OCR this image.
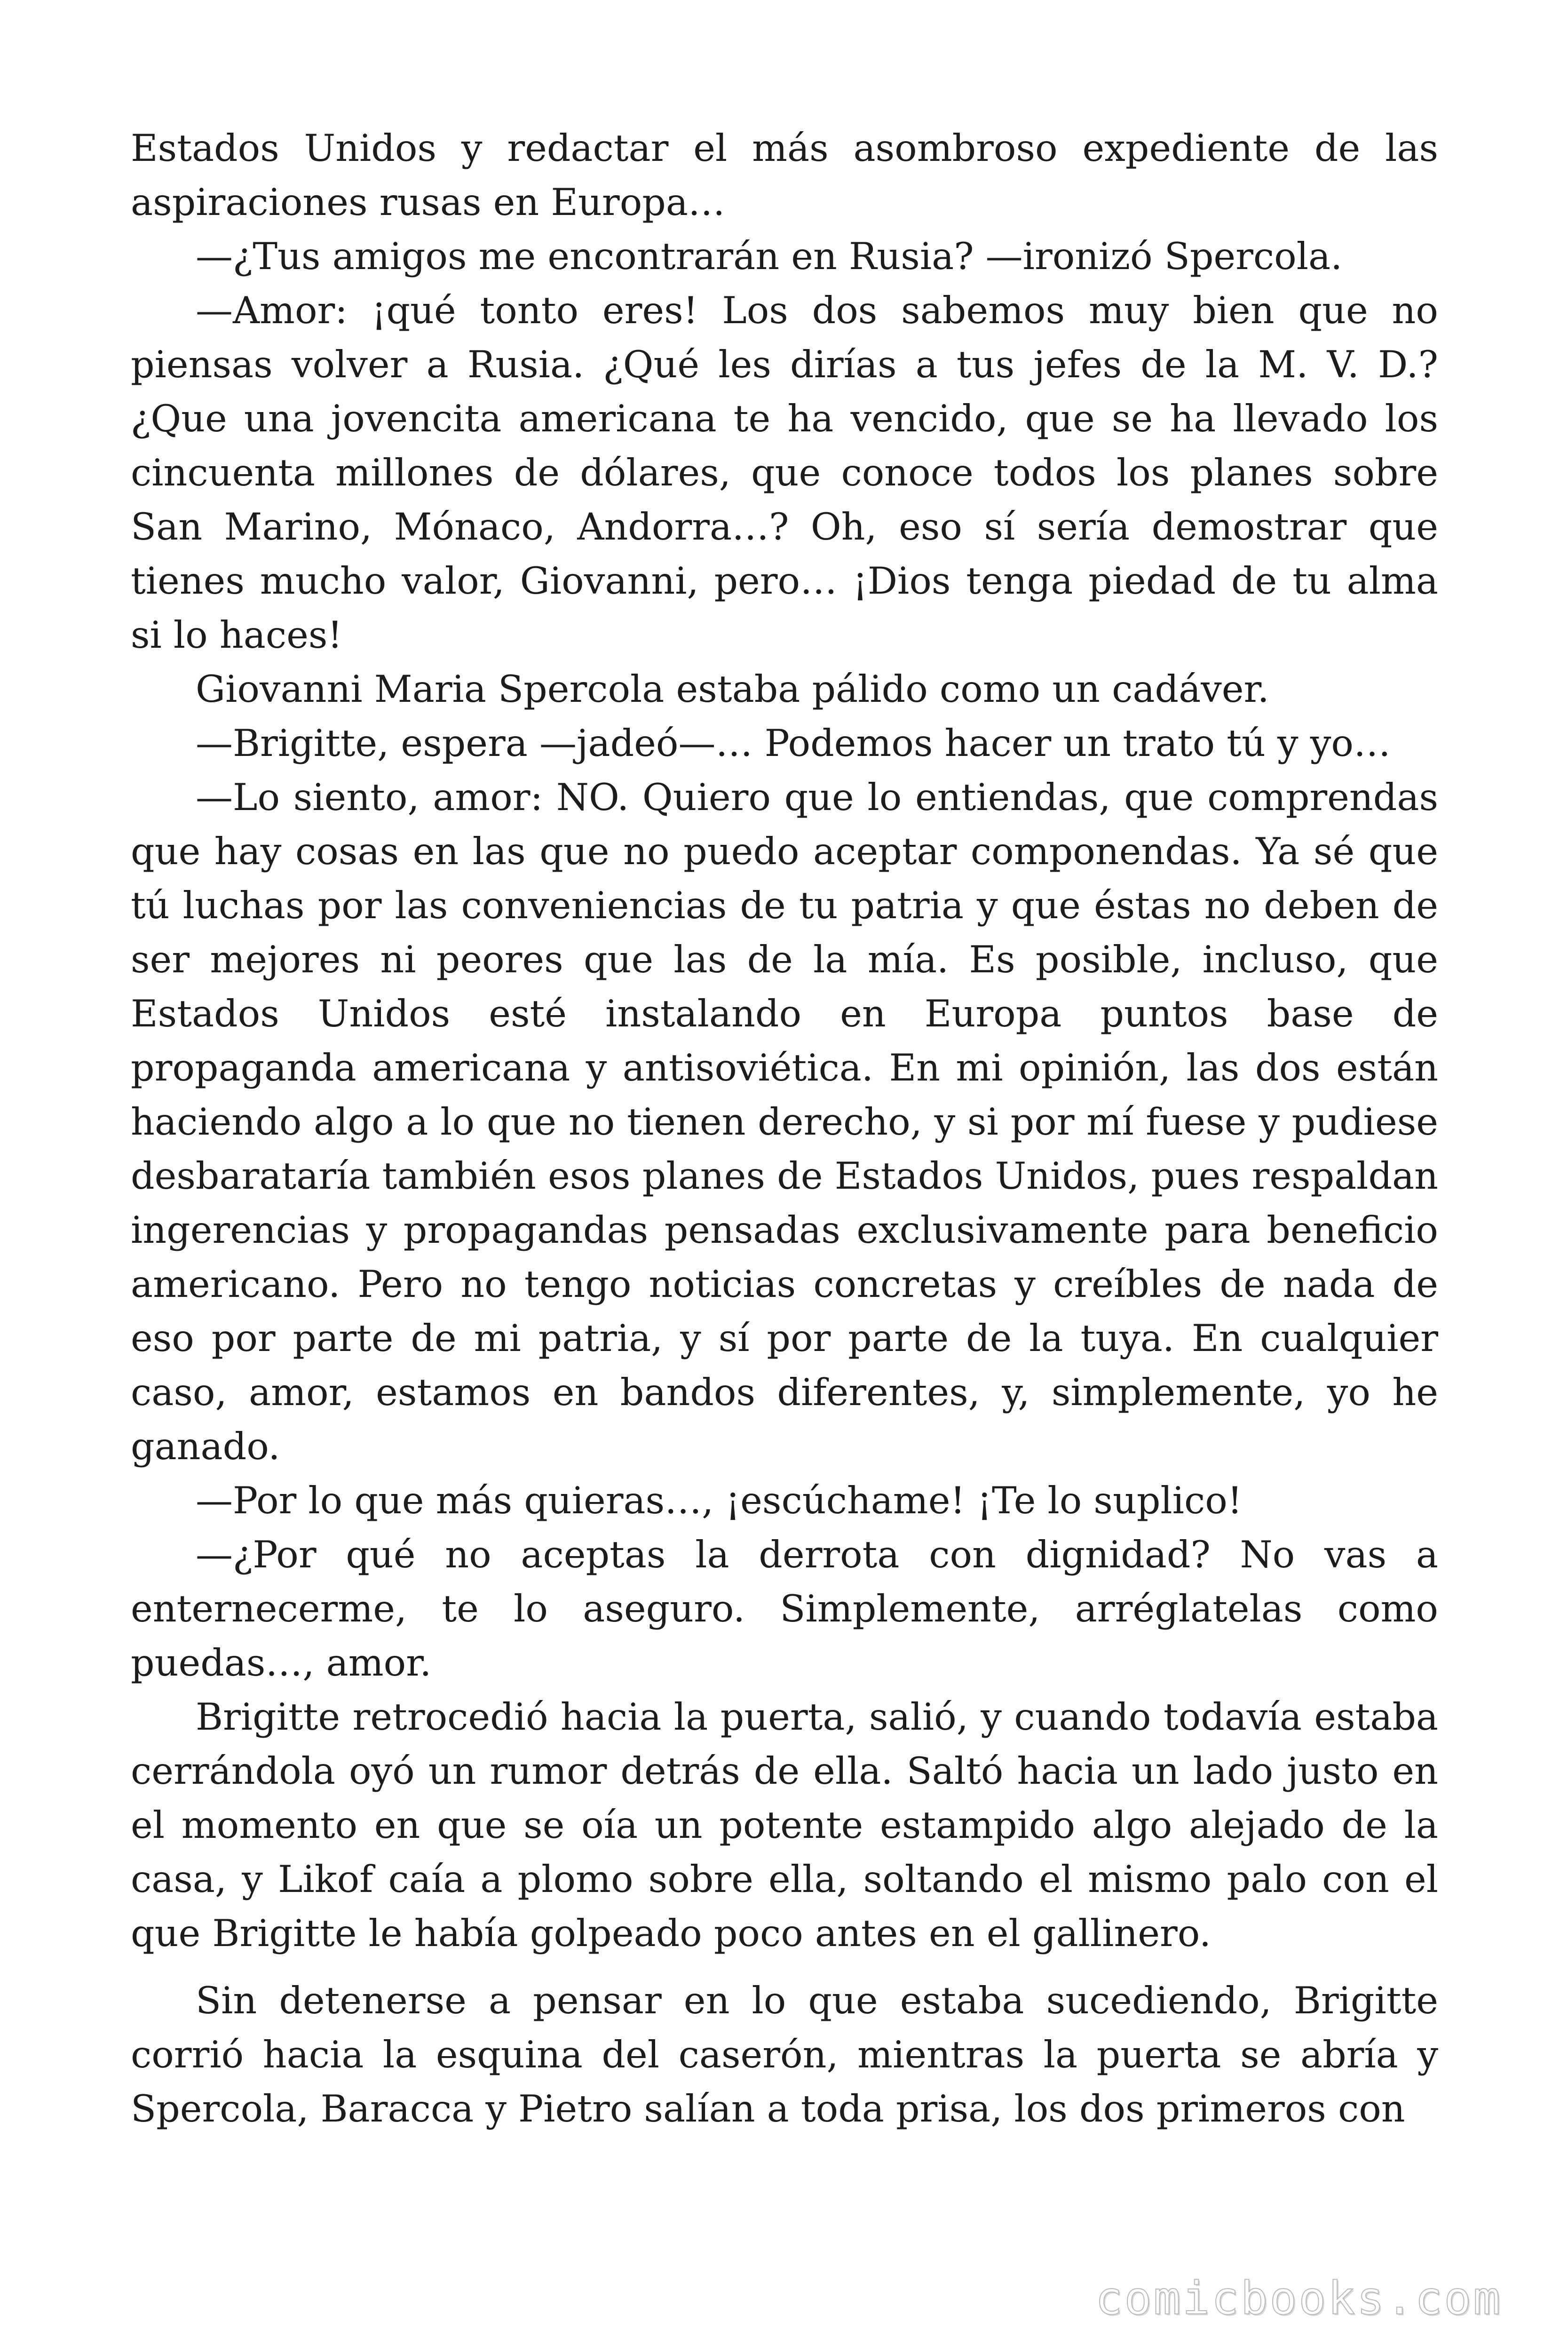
Estados Unidos y redactar el más asombroso expediente de las aspiraciones rusas en Europa…

—¿Tus amigos me encontrarán en Rusia? —ironizó Spercola.

—Amor: ¡qué tonto eres! Los dos sabemos muy bien que no piensas volver a Rusia. ¿Qué les dirías a tus jefes de la M. V. D.? ¿Que una jovencita americana te ha vencido, que se ha llevado los cincuenta millones de dólares, que conoce todos los planes sobre San Marino, Mónaco, Andorra…? Oh, eso sí sería demostrar que tienes mucho valor, Giovanni, pero… ¡Dios tenga piedad de tu alma si lo haces!

Giovanni Maria Spercola estaba pálido como un cadáver.

—Brigitte, espera —jadeó—… Podemos hacer un trato tú y yo…

—Lo siento, amor: NO. Quiero que lo entiendas, que comprendas que hay cosas en las que no puedo aceptar componendas. Ya sé que tú luchas por las conveniencias de tu patria y que éstas no deben de ser mejores ni peores que las de la mía. Es posible, incluso, que Estados Unidos esté instalando en Europa puntos base de propaganda americana y antisoviética. En mi opinión, las dos están haciendo algo a lo que no tienen derecho, y si por mí fuese y pudiese desbarataría también esos planes de Estados Unidos, pues respaldan ingerencias y propagandas pensadas exclusivamente para beneficio americano. Pero no tengo noticias concretas y creíbles de nada de eso por parte de mi patria, y sí por parte de la tuya. En cualquier caso, amor, estamos en bandos diferentes, y, simplemente, yo he ganado.

—Por lo que más quieras…, ¡escúchame! ¡Te lo suplico!

—¿Por qué no aceptas la derrota con dignidad? No vas a enternecerme, te lo aseguro. Simplemente, arréglatelas como puedas…, amor.

Brigitte retrocedió hacia la puerta, salió, y cuando todavía estaba cerrándola oyó un rumor detrás de ella. Saltó hacia un lado justo en el momento en que se oía un potente estampido algo alejado de la casa, y Likof caía a plomo sobre ella, soltando el mismo palo con el que Brigitte le había golpeado poco antes en el gallinero.

Sin detenerse a pensar en lo que estaba sucediendo, Brigitte corrió hacia la esquina del caserón, mientras la puerta se abría y Spercola, Baracca y Pietro salían a toda prisa, los dos primeros con

comicbooks.com
